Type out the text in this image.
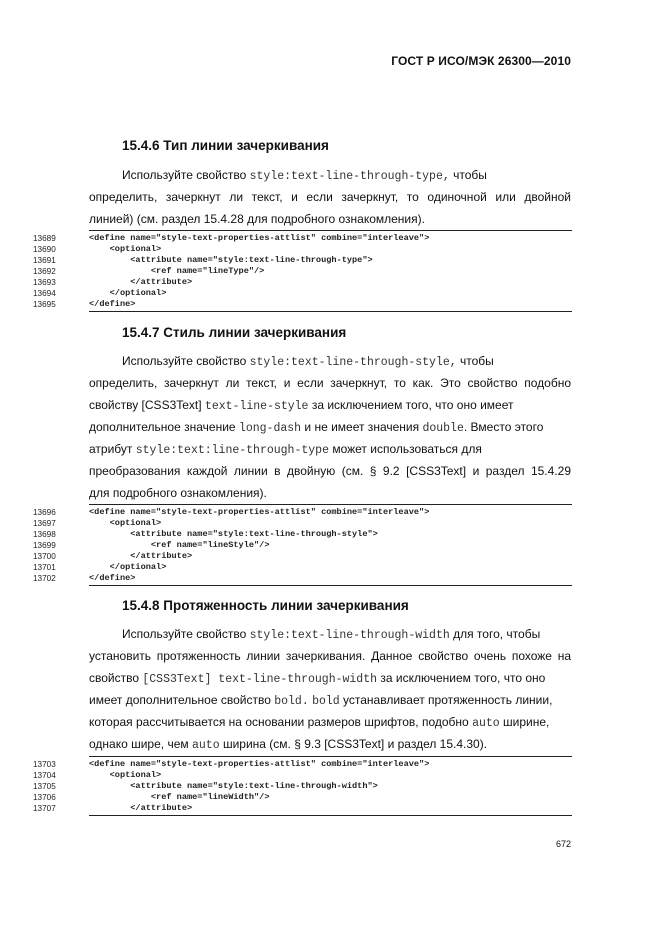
ГОСТ Р ИСО/МЭК 26300—2010
15.4.6 Тип линии зачеркивания
Используйте свойство style:text-line-through-type, чтобы
определить, зачеркнут ли текст, и если зачеркнут, то одиночной или двойной
линией) (см. раздел 15.4.28 для подробного ознакомления).
13689
13690
13691
13692
13693
13694
13695
<define name="style-text-properties-attlist" combine="interleave">
<optional>
<attribute name="style:text-line-through-type">
<ref name="lineType"/>
</attribute>
</optional>
</define>
15.4.7 Стиль линии зачеркивания
Используйте свойство style:text-line-through-style, чтобы
определить, зачеркнут ли текст, и если зачеркнут, то как. Это свойство подобно
свойству [CSS3Text] text-line-style за исключением того, что оно имеет
дополнительное значение long-dash и не имеет значения double. Вместо этого
атрибут style:text:line-through-type может использоваться для
преобразования каждой линии в двойную (см. § 9.2 [CSS3Text] и раздел 15.4.29
для подробного ознакомления).
13696
13697
13698
13699
13700
13701
13702
<define name="style-text-properties-attlist" combine="interleave">
<optional>
<attribute name="style:text-line-through-style">
<ref name="lineStyle"/>
</attribute>
</optional>
</define>
15.4.8 Протяженность линии зачеркивания
Используйте свойство style:text-line-through-width для того, чтобы
установить протяженность линии зачеркивания. Данное свойство очень похоже на
свойство [CSS3Text] text-line-through-width за исключением того, что оно
имеет дополнительное свойство bold. bold устанавливает протяженность линии,
которая рассчитывается на основании размеров шрифтов, подобно auto ширине,
однако шире, чем auto ширина (см. § 9.3 [CSS3Text] и раздел 15.4.30).
13703
13704
13705
13706
13707
<define name="style-text-properties-attlist" combine="interleave">
<optional>
<attribute name="style:text-line-through-width">
<ref name="lineWidth"/>
</attribute>
672
